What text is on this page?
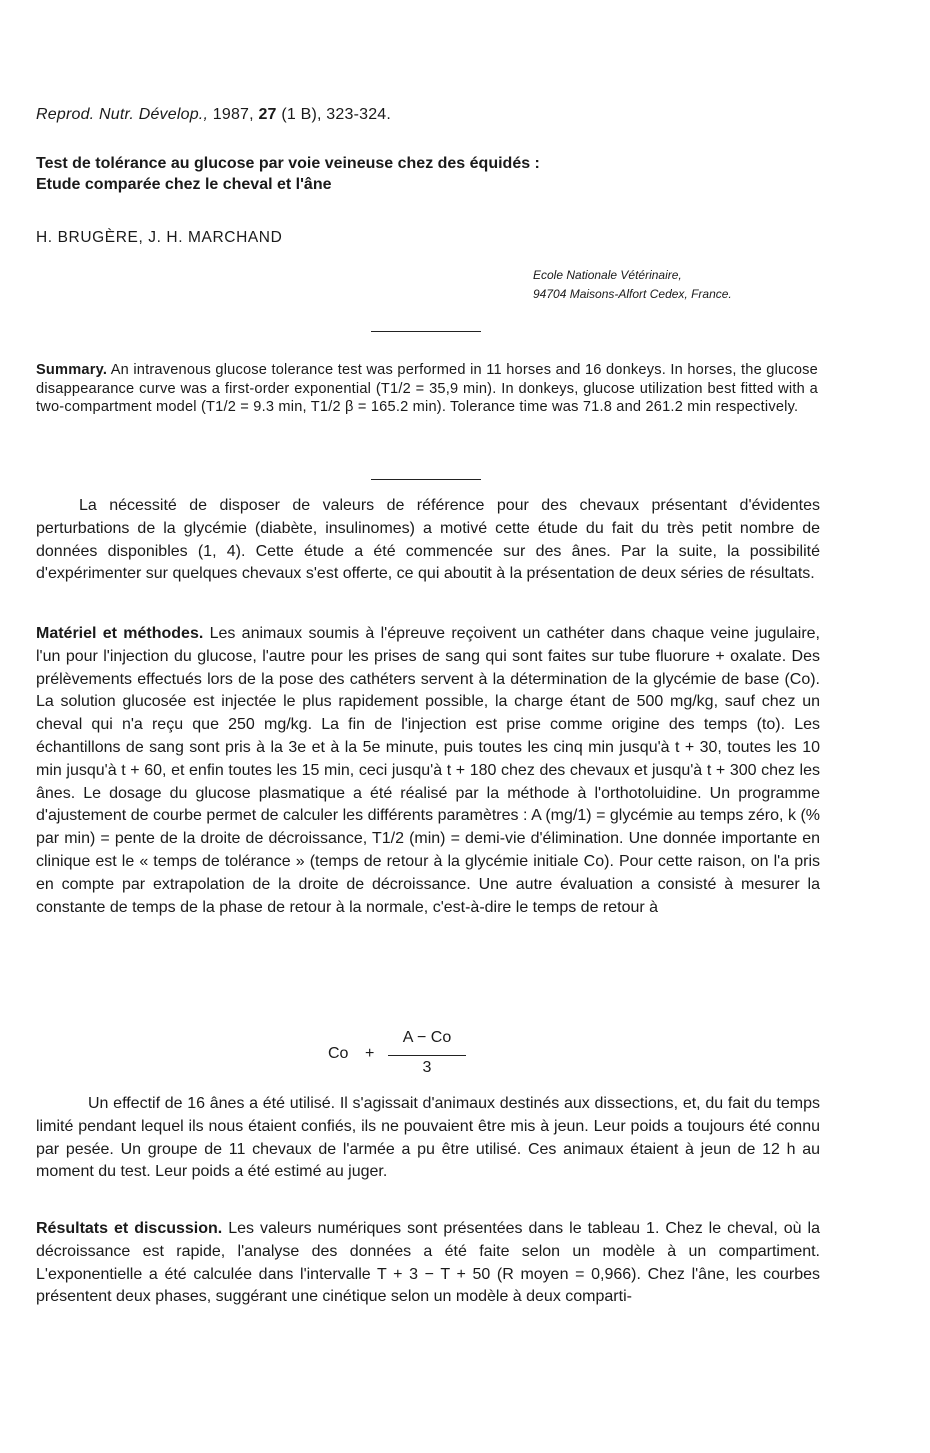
Reprod. Nutr. Dévelop., 1987, 27 (1 B), 323-324.
Test de tolérance au glucose par voie veineuse chez des équidés :
Etude comparée chez le cheval et l'âne
H. BRUGÈRE, J. H. MARCHAND
Ecole Nationale Vétérinaire,
94704 Maisons-Alfort Cedex, France.
Summary. An intravenous glucose tolerance test was performed in 11 horses and 16 donkeys. In horses, the glucose disappearance curve was a first-order exponential (T1/2 = 35,9 min). In donkeys, glucose utilization best fitted with a two-compartment model (T1/2 = 9.3 min, T1/2 β = 165.2 min). Tolerance time was 71.8 and 261.2 min respectively.
La nécessité de disposer de valeurs de référence pour des chevaux présentant d'évidentes perturbations de la glycémie (diabète, insulinomes) a motivé cette étude du fait du très petit nombre de données disponibles (1, 4). Cette étude a été commencée sur des ânes. Par la suite, la possibilité d'expérimenter sur quelques chevaux s'est offerte, ce qui aboutit à la présentation de deux séries de résultats.
Matériel et méthodes. Les animaux soumis à l'épreuve reçoivent un cathéter dans chaque veine jugulaire, l'un pour l'injection du glucose, l'autre pour les prises de sang qui sont faites sur tube fluorure + oxalate. Des prélèvements effectués lors de la pose des cathéters servent à la détermination de la glycémie de base (Co). La solution glucosée est injectée le plus rapidement possible, la charge étant de 500 mg/kg, sauf chez un cheval qui n'a reçu que 250 mg/kg. La fin de l'injection est prise comme origine des temps (to). Les échantillons de sang sont pris à la 3e et à la 5e minute, puis toutes les cinq min jusqu'à t + 30, toutes les 10 min jusqu'à t + 60, et enfin toutes les 15 min, ceci jusqu'à t + 180 chez des chevaux et jusqu'à t + 300 chez les ânes. Le dosage du glucose plasmatique a été réalisé par la méthode à l'orthotoluidine. Un programme d'ajustement de courbe permet de calculer les différents paramètres : A (mg/1) = glycémie au temps zéro, k (% par min) = pente de la droite de décroissance, T1/2 (min) = demi-vie d'élimination. Une donnée importante en clinique est le « temps de tolérance » (temps de retour à la glycémie initiale Co). Pour cette raison, on l'a pris en compte par extrapolation de la droite de décroissance. Une autre évaluation a consisté à mesurer la constante de temps de la phase de retour à la normale, c'est-à-dire le temps de retour à
Co +
A − Co
3
Un effectif de 16 ânes a été utilisé. Il s'agissait d'animaux destinés aux dissections, et, du fait du temps limité pendant lequel ils nous étaient confiés, ils ne pouvaient être mis à jeun. Leur poids a toujours été connu par pesée. Un groupe de 11 chevaux de l'armée a pu être utilisé. Ces animaux étaient à jeun de 12 h au moment du test. Leur poids a été estimé au juger.
Résultats et discussion. Les valeurs numériques sont présentées dans le tableau 1. Chez le cheval, où la décroissance est rapide, l'analyse des données a été faite selon un modèle à un compartiment. L'exponentielle a été calculée dans l'intervalle T + 3 − T + 50 (R moyen = 0,966). Chez l'âne, les courbes présentent deux phases, suggérant une cinétique selon un modèle à deux comparti-
